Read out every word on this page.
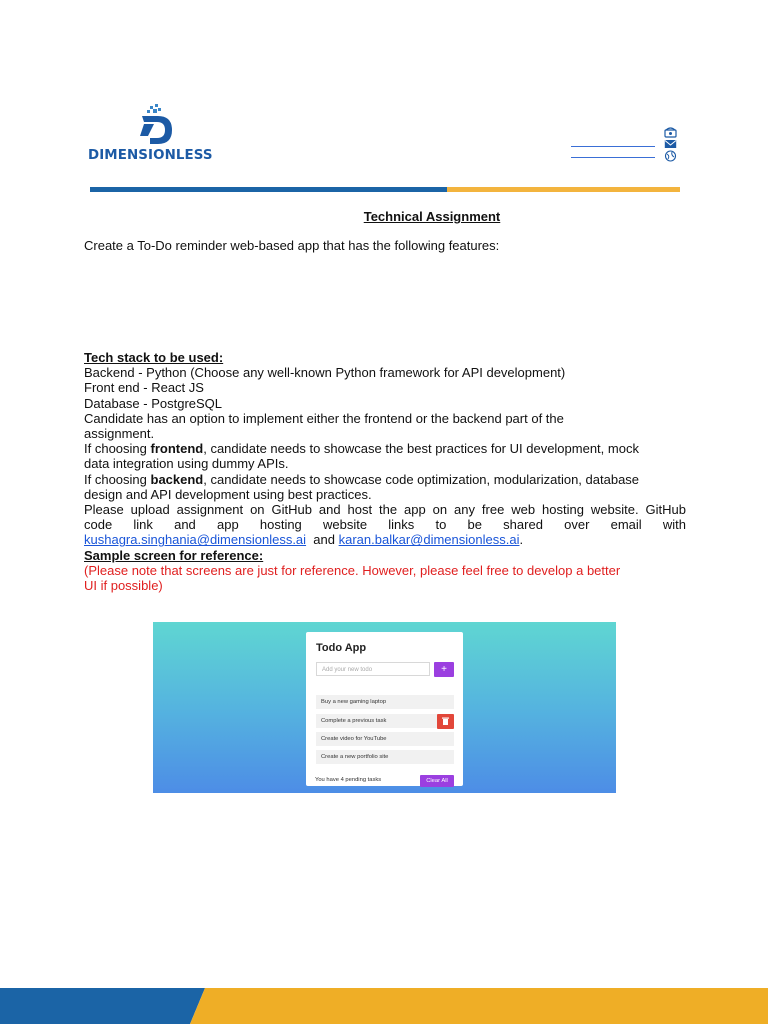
DIMENSIONLESS
Technical Assignment
Create a To-Do reminder web-based app that has the following features:
Tech stack to be used:
Backend - Python (Choose any well-known Python framework for API development)
Front end - React JS
Database - PostgreSQL
Candidate has an option to implement either the frontend or the backend part of the
assignment.
If choosing frontend, candidate needs to showcase the best practices for UI development, mock
data integration using dummy APIs.
If choosing backend, candidate needs to showcase code optimization, modularization, database
design and API development using best practices.
Please upload assignment on GitHub and host the app on any free web hosting website. GitHub
code link and app hosting website links to be shared over email with
kushagra.singhania@dimensionless.ai and karan.balkar@dimensionless.ai.
Sample screen for reference:
(Please note that screens are just for reference. However, please feel free to develop a better
UI if possible)
Todo App
Add your new todo	+
Buy a new gaming laptop
Complete a previous task
Create video for YouTube
Create a new portfolio site
You have 4 pending tasks	Clear All
